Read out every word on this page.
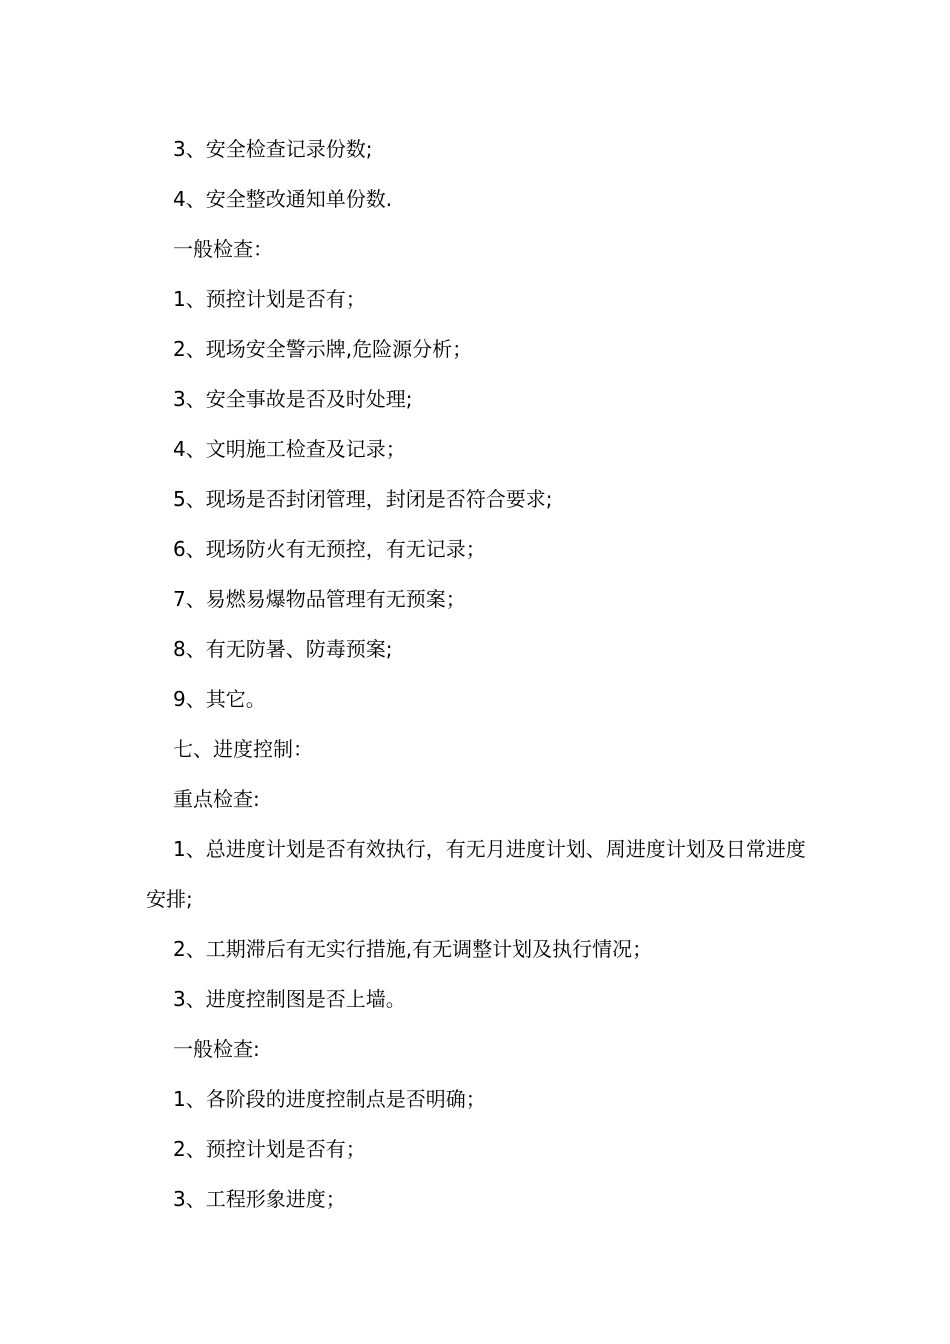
3、安全检查记录份数;

4、安全整改通知单份数.

一般检查：

1、预控计划是否有；

2、现场安全警示牌,危险源分析；

3、安全事故是否及时处理;

4、文明施工检查及记录；

5、现场是否封闭管理，封闭是否符合要求;

6、现场防火有无预控，有无记录；

7、易燃易爆物品管理有无预案；

8、有无防暑、防毒预案;

9、其它。

七、进度控制：

重点检查:

1、总进度计划是否有效执行，有无月进度计划、周进度计划及日常进度安排;

2、工期滞后有无实行措施,有无调整计划及执行情况；

3、进度控制图是否上墙。

一般检查:

1、各阶段的进度控制点是否明确；

2、预控计划是否有；

3、工程形象进度；
